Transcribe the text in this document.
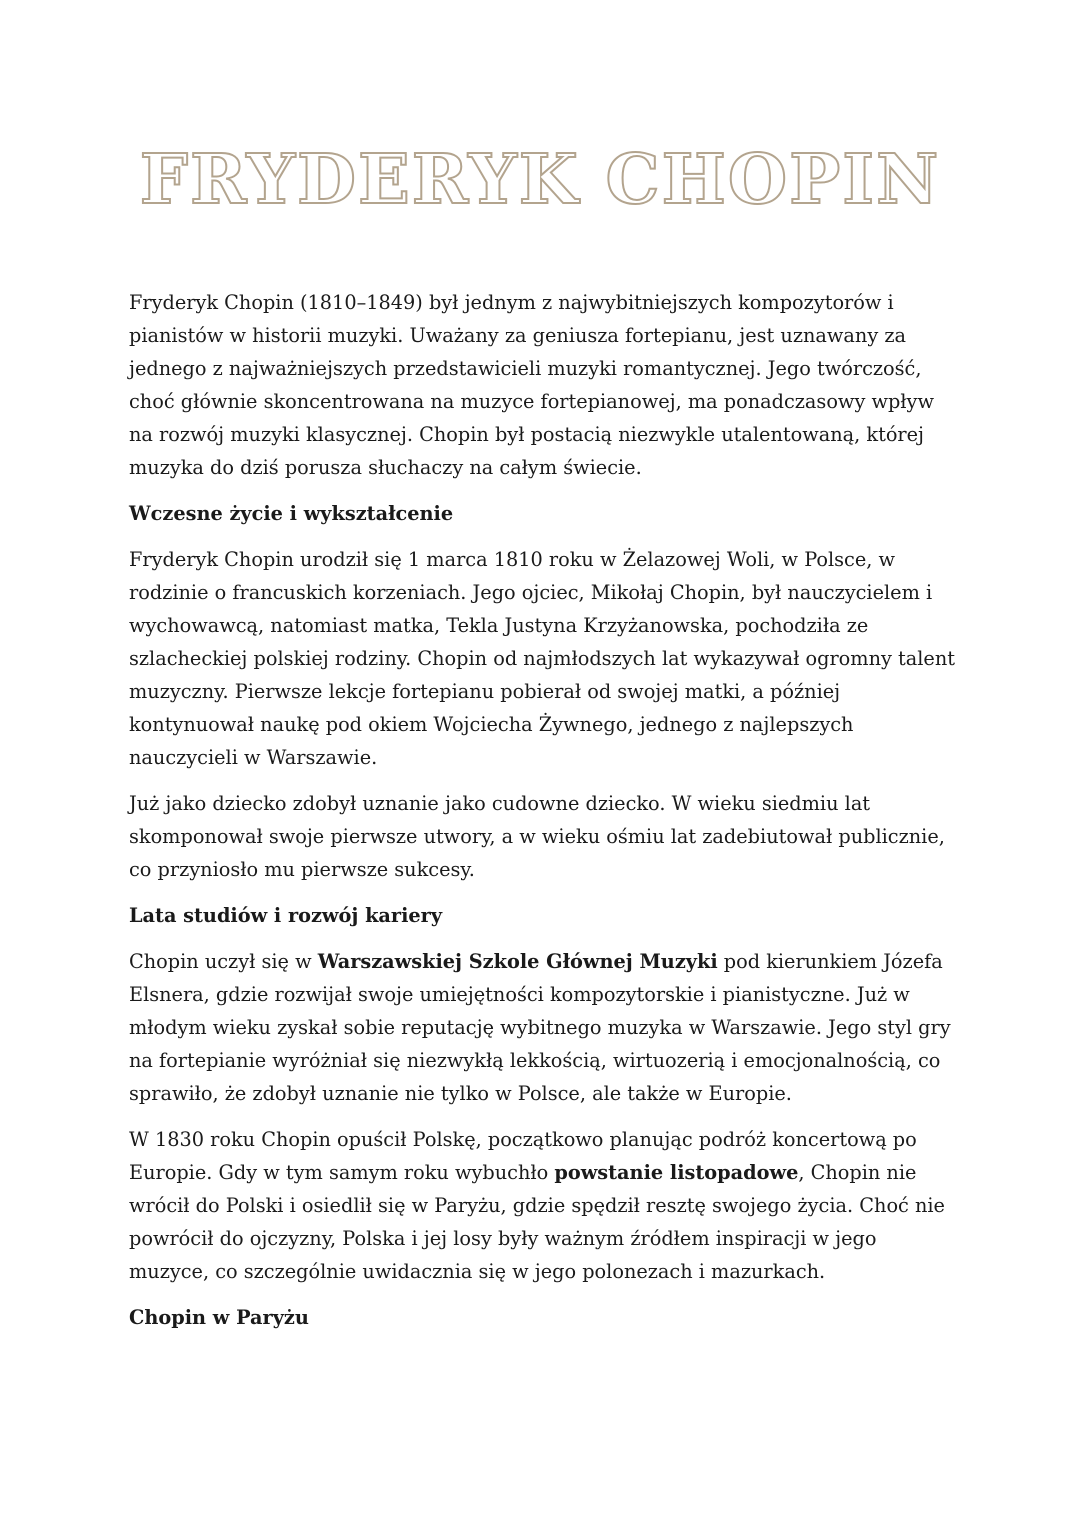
FRYDERYK CHOPIN

Fryderyk Chopin (1810–1849) był jednym z najwybitniejszych kompozytorów i pianistów w historii muzyki. Uważany za geniusza fortepianu, jest uznawany za jednego z najważniejszych przedstawicieli muzyki romantycznej. Jego twórczość, choć głównie skoncentrowana na muzyce fortepianowej, ma ponadczasowy wpływ na rozwój muzyki klasycznej. Chopin był postacią niezwykle utalentowaną, której muzyka do dziś porusza słuchaczy na całym świecie.

Wczesne życie i wykształcenie

Fryderyk Chopin urodził się 1 marca 1810 roku w Żelazowej Woli, w Polsce, w rodzinie o francuskich korzeniach. Jego ojciec, Mikołaj Chopin, był nauczycielem i wychowawcą, natomiast matka, Tekla Justyna Krzyżanowska, pochodziła ze szlacheckiej polskiej rodziny. Chopin od najmłodszych lat wykazywał ogromny talent muzyczny. Pierwsze lekcje fortepianu pobierał od swojej matki, a później kontynuował naukę pod okiem Wojciecha Żywnego, jednego z najlepszych nauczycieli w Warszawie.

Już jako dziecko zdobył uznanie jako cudowne dziecko. W wieku siedmiu lat skomponował swoje pierwsze utwory, a w wieku ośmiu lat zadebiutował publicznie, co przyniosło mu pierwsze sukcesy.

Lata studiów i rozwój kariery

Chopin uczył się w Warszawskiej Szkole Głównej Muzyki pod kierunkiem Józefa Elsnera, gdzie rozwijał swoje umiejętności kompozytorskie i pianistyczne. Już w młodym wieku zyskał sobie reputację wybitnego muzyka w Warszawie. Jego styl gry na fortepianie wyróżniał się niezwykłą lekkością, wirtuozerią i emocjonalnością, co sprawiło, że zdobył uznanie nie tylko w Polsce, ale także w Europie.

W 1830 roku Chopin opuścił Polskę, początkowo planując podróż koncertową po Europie. Gdy w tym samym roku wybuchło powstanie listopadowe, Chopin nie wrócił do Polski i osiedlił się w Paryżu, gdzie spędził resztę swojego życia. Choć nie powrócił do ojczyzny, Polska i jej losy były ważnym źródłem inspiracji w jego muzyce, co szczególnie uwidacznia się w jego polonezach i mazurkach.

Chopin w Paryżu
